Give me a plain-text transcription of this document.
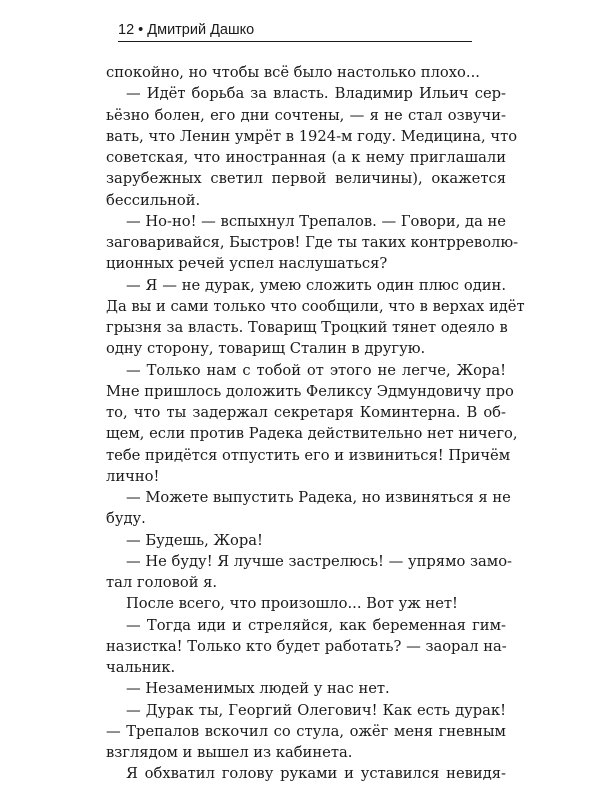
12 • Дмитрий Дашко
спокойно, но чтобы всё было настолько плохо...
— Идёт борьба за власть. Владимир Ильич сер-
ьёзно болен, его дни сочтены, — я не стал озвучи-
вать, что Ленин умрёт в 1924-м году. Медицина, что
советская, что иностранная (а к нему приглашали
зарубежных светил первой величины), окажется
бессильной.
— Но-но! — вспыхнул Трепалов. — Говори, да не
заговаривайся, Быстров! Где ты таких контрреволю-
ционных речей успел наслушаться?
— Я — не дурак, умею сложить один плюс один.
Да вы и сами только что сообщили, что в верхах идёт
грызня за власть. Товарищ Троцкий тянет одеяло в
одну сторону, товарищ Сталин в другую.
— Только нам с тобой от этого не легче, Жора!
Мне пришлось доложить Феликсу Эдмундовичу про
то, что ты задержал секретаря Коминтерна. В об-
щем, если против Радека действительно нет ничего,
тебе придётся отпустить его и извиниться! Причём
лично!
— Можете выпустить Радека, но извиняться я не
буду.
— Будешь, Жора!
— Не буду! Я лучше застрелюсь! — упрямо замо-
тал головой я.
После всего, что произошло... Вот уж нет!
— Тогда иди и стреляйся, как беременная гим-
назистка! Только кто будет работать? — заорал на-
чальник.
— Незаменимых людей у нас нет.
— Дурак ты, Георгий Олегович! Как есть дурак!
— Трепалов вскочил со стула, ожёг меня гневным
взглядом и вышел из кабинета.
Я обхватил голову руками и уставился невидя-
